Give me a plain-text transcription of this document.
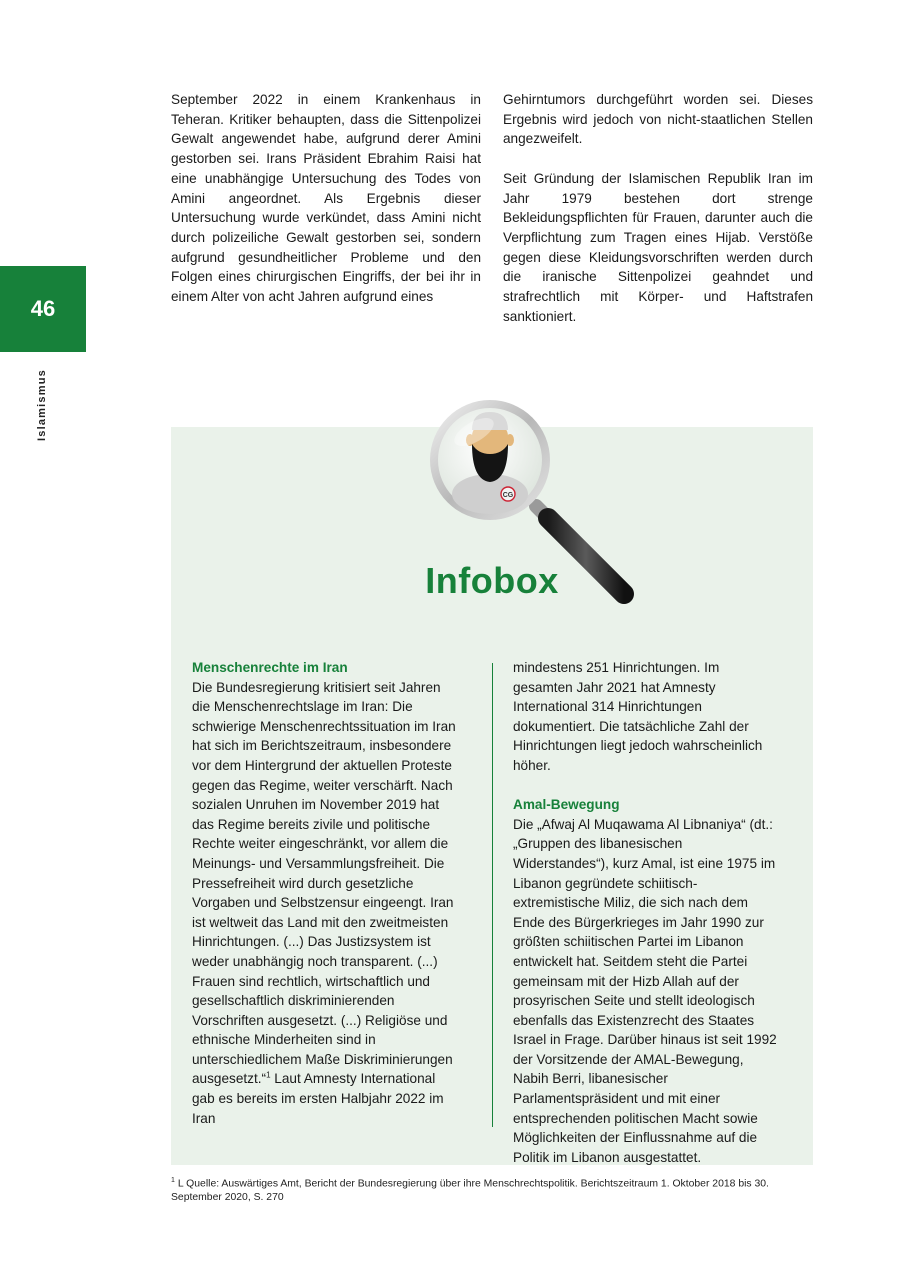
46
Islamismus

September 2022 in einem Krankenhaus in Teheran. Kritiker behaupten, dass die Sittenpolizei Gewalt angewendet habe, aufgrund derer Amini gestorben sei. Irans Präsident Ebrahim Raisi hat eine unabhängige Untersuchung des Todes von Amini angeordnet. Als Ergebnis dieser Untersuchung wurde verkündet, dass Amini nicht durch polizeiliche Gewalt gestorben sei, sondern aufgrund gesundheitlicher Probleme und den Folgen eines chirurgischen Eingriffs, der bei ihr in einem Alter von acht Jahren aufgrund eines

Gehirntumors durchgeführt worden sei. Dieses Ergebnis wird jedoch von nicht-staatlichen Stellen angezweifelt.

Seit Gründung der Islamischen Republik Iran im Jahr 1979 bestehen dort strenge Bekleidungspflichten für Frauen, darunter auch die Verpflichtung zum Tragen eines Hijab. Verstöße gegen diese Kleidungsvorschriften werden durch die iranische Sittenpolizei geahndet und strafrechtlich mit Körper- und Haftstrafen sanktioniert.

CG
Infobox
Menschenrechte im Iran

Die Bundesregierung kritisiert seit Jahren die Menschenrechtslage im Iran: Die schwierige Menschenrechtssituation im Iran hat sich im Berichtszeitraum, insbesondere vor dem Hintergrund der aktuellen Proteste gegen das Regime, weiter verschärft. Nach sozialen Unruhen im November 2019 hat das Regime bereits zivile und politische Rechte weiter eingeschränkt, vor allem die Meinungs- und Versammlungsfreiheit. Die Pressefreiheit wird durch gesetzliche Vorgaben und Selbstzensur eingeengt. Iran ist weltweit das Land mit den zweitmeisten Hinrichtungen. (...) Das Justizsystem ist weder unabhängig noch transparent. (...) Frauen sind rechtlich, wirtschaftlich und gesellschaftlich diskriminierenden Vorschriften ausgesetzt. (...) Religiöse und ethnische Minderheiten sind in unterschiedlichem Maße Diskriminierungen ausgesetzt.“$^1$ Laut Amnesty International gab es bereits im ersten Halbjahr 2022 im Iran

mindestens 251 Hinrichtungen. Im gesamten Jahr 2021 hat Amnesty International 314 Hinrichtungen dokumentiert. Die tatsächliche Zahl der Hinrichtungen liegt jedoch wahrscheinlich höher.

Amal-Bewegung

Die „Afwaj Al Muqawama Al Libnaniya“ (dt.: „Gruppen des libanesischen Widerstandes“), kurz Amal, ist eine 1975 im Libanon gegründete schiitisch-extremistische Miliz, die sich nach dem Ende des Bürgerkrieges im Jahr 1990 zur größten schiitischen Partei im Libanon entwickelt hat. Seitdem steht die Partei gemeinsam mit der Hizb Allah auf der prosyrischen Seite und stellt ideologisch ebenfalls das Existenzrecht des Staates Israel in Frage. Darüber hinaus ist seit 1992 der Vorsitzende der AMAL-Bewegung, Nabih Berri, libanesischer Parlamentspräsident und mit einer entsprechenden politischen Macht sowie Möglichkeiten der Einflussnahme auf die Politik im Libanon ausgestattet.

$^1$ L Quelle: Auswärtiges Amt, Bericht der Bundesregierung über ihre Menschrechtspolitik. Berichtszeitraum 1. Oktober 2018 bis 30. September 2020, S. 270
